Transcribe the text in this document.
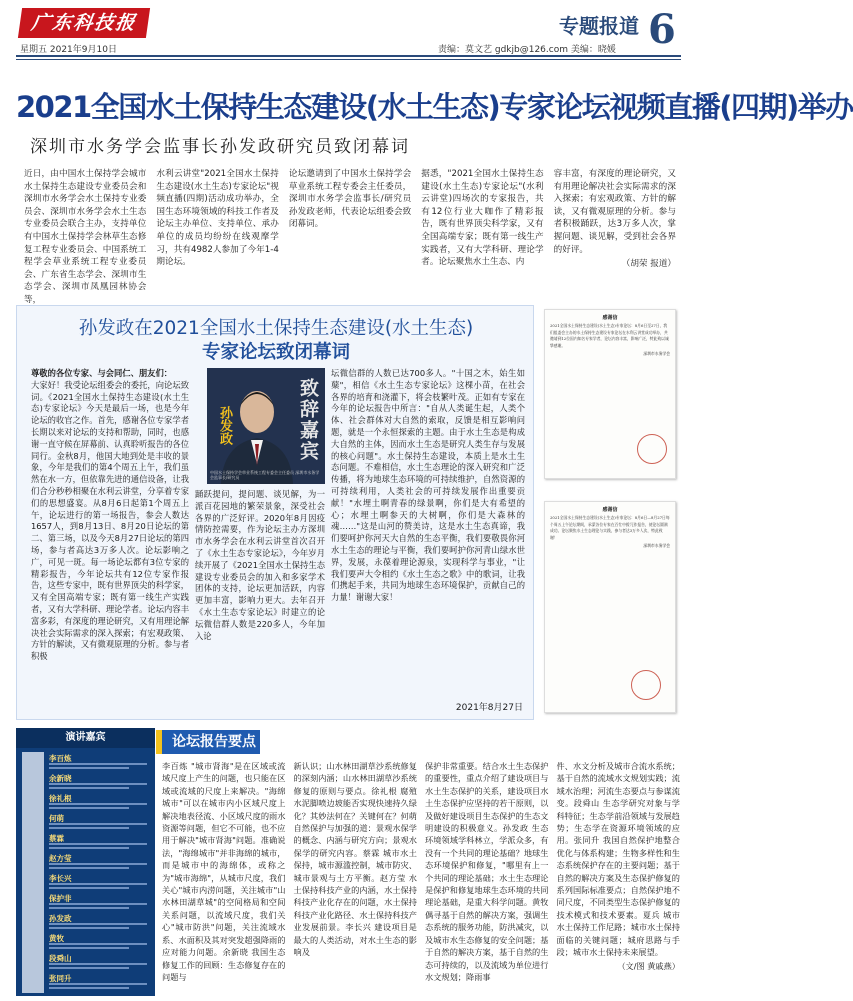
广东科技报
星期五 2021年9月10日
专题报道 6
责编：莫文艺 gdkjb@126.com 美编：晓媛
2021全国水土保持生态建设(水土生态)专家论坛视频直播(四期)举办
深圳市水务学会监事长孙发政研究员致闭幕词
近日，由中国水土保持学会城市水土保持生态建设专业委员会和深圳市水务学会水土保持专业委员会、深圳市水务学会水土生态专业委员会联合主办，支持单位有中国水土保持学会林草生态修复工程专业委员会、中国系统工程学会草业系统工程专业委员会、广东省生态学会、深圳市生态学会、深圳市凤凰园林协会等，
水利云讲堂"2021全国水土保持生态建设(水土生态)专家论坛"视频直播(四期)活动成功举办，全国生态环境领域的科技工作者及论坛主办单位、支持单位、承办单位的成员均纷纷在线观摩学习，共有4982人参加了今年1-4期论坛。
论坛邀请到了中国水土保持学会草业系统工程专委会主任委员，深圳市水务学会监事长/研究员孙发政老师，代表论坛组委会致闭幕词。
据悉，"2021全国水土保持生态建设(水土生态)专家论坛"(水利云讲堂)四场次的专家报告，共有12位行业大咖作了精彩报告，既有世界顶尖科学家，又有全国高端专家；既有第一线生产实践者，又有大学科研、理论学者。论坛聚焦水土生态、内
容丰富，有深度的理论研究，又有用理论解决社会实际需求的深入探索；有宏观政策、方针的解读，又有微观原理的分析。参与者积极踊跃，达3万多人次，掌握问题、谈见解，受到社会各界的好评。
（胡荣 报道）
孙发政在2021全国水土保持生态建设(水土生态)
专家论坛致闭幕词
尊敬的各位专家、与会同仁、朋友们：
大家好！我受论坛组委会的委托，向论坛致词。《2021全国水土保持生态建设(水土生态)专家论坛》今天是最后一场，也是今年论坛的收官之作。首先，感谢各位专家学者长期以来对论坛的支持和帮助，同时，也感谢一直守候在屏幕前、认真聆听报告的各位同行。金秋8月，他国大地到处是丰收的景象，今年是我们的第4个周五上午，我们虽然在水一方，但依靠先进的通信设备，让我们合分秒秒相聚在水利云讲堂，分享着专家们的思想盛宴。从8月6日起第1个周五上午，论坛进行的第一场报告，参会人数达1657人，到8月13日、8月20日论坛的第二、第三场，以及今天8月27日论坛的第四场，参与者高达3万多人次。论坛影响之广，可见一斑。每一场论坛都有3位专家的精彩报告，今年论坛共有12位专家作报告，这些专家中，既有世界顶尖的科学家，又有全国高端专家；既有第一线生产实践者，又有大学科研、理论学者。论坛内容丰富多彩，有深度的理论研究，又有用理论解决社会实际需求的深入探索；有宏观政策、方针的解读，又有微观原理的分析。参与者积极
致辞嘉宾
孙发政
中国水土保持学会草业系统工程专委会主任委员 深圳市水务学会监事长/研究员
踊跃提问，提问题、谈见解，为一派百花园地的繁荣景象，深受社会各界的广泛好评。2020年8月因疫情防控需要，作为论坛主办方深圳市水务学会在水利云讲堂首次召开了《水土生态专家论坛》，今年岁月续开展了《2021全国水土保持生态建设专业委员会的加入和多家学术团体的支持，论坛更加活跃，内容更加丰富，影响力更大。去年召开《水土生态专家论坛》时建立的论坛微信群人数是220多人，今年加入论
坛微信群的人数已达700多人。"十国之木，始生如蘖"，相信《水土生态专家论坛》这棵小苗，在社会各界的培育和浇灌下，将会枝繁叶茂。正如有专家在今年的论坛报告中所言："自从人类诞生起，人类个体、社会群体对大自然的索取，反馈是相互影响问题，就是一个永恒探索的主题。由于水土生态是构成大自然的主体，因而水土生态是研究人类生存与发展的核心问题"。水土保持生态建设，本质上是水土生态问题。不难相信，水土生态理论的深入研究和广泛传播，将为地球生态环境的可持续维护，自然资源的可持续利用，人类社会的可持续发展作出重要贡献！"水埋土啊青春的绿景啊，你们是大有希望的心；水埋土啊参天的大树啊，你们是大森林的魂……"这是山河的赞美诗，这是水土生态真谛，我们要呵护你河天大自然的生态平衡，我们要敬畏你河水土生态的理论与平衡，我们要呵护你河青山绿水世界，发展，永葆着理论源泉，实现科学与事业，"让我们要声大令相约《水土生态之歌》中的歌词，让我们携起手来，共同为地球生态环境保护，贡献自己的力量！谢谢大家！
2021年8月27日
感谢信
2021全国水土保持生态建设(水土生态)专家论坛：8月6日至27日，我们组委会主办的水土保持生态建设专家论坛在水利云讲堂成功举办，共邀请到12位国内知名专家学者，论坛内容丰富，影响广泛，特此致以诚挚感谢。
深圳市水务学会
感谢信
2021全国水土保持生态建设(水土生态)专家论坛：8月6日—8月27日每个周五上午论坛期间，承蒙各位专家在百忙中拨冗作报告，使论坛圆满成功。论坛聚焦水土生态理论与实践，参与者达3万多人次，特此致谢！
深圳市水务学会
演讲嘉宾
李百炼
余新晓
徐礼根
何萌
蔡霖
赵方莹
李长兴
保护非
孙发政
黄牧
段舜山
张同升
论坛报告要点
李百炼 "城市肾海"是在区域或流域尺度上产生的问题，也只能在区域或流域的尺度上来解决。"海绵城市"可以在城市内小区域尺度上解决地表径流、小区域尺度的雨水资源等问题，但它不可能，也不应用于解决"城市肾海"问题。准确说法，"海绵城市"并非海绵的城市，而是城市中的海绵体，或称之为"城市海绵"，从城市尺度，我们关心"城市内涝问题，关注城市"山水林田湖草城"的空间格局和空间关系问题，以流域尺度，我们关心"城市防洪"问题，关注流域水系、水面积及其对突发超强降雨的应对能力问题。余新晓 我国生态修复工作的回顾：生态修复存在的问题与
新认识；山水林田湖草沙系统修复的深刻内涵；山水林田湖草沙系统修复的原则与要点。徐礼根 腐殖水泥脚喷边坡能否实现快速持久绿化？其妙法何在？关键何在？何萌 自然保护与加强的道：景观水保学的概念、内涵与研究方向；景观水保学的研究内容。蔡霖 城市水土保持，城市源滥控制，城市防灾、城市景观与土方平衡。赵方莹 水土保持科技产业的内涵，水土保持科技产业化存在的问题，水土保持科技产业化路径、水土保持科技产业发展前景。李长兴 建设项目是最大的人类活动，对水土生态的影响及
保护非常重要。结合水土生态保护的重要性，重点介绍了建设项目与水土生态保护的关系，建设项目水土生态保护应坚持的若干原则，以及做好建设项目生态保护的生态文明建设的积极意义。孙发政 生态环境领域学科林立，学派众多，有没有一个共同的理论基础？地球生态环境保护和修复，"哪里有上一个共同的理论基础；水土生态理论是保护和修复地球生态环境的共同理论基础，是重大科学问题。黄牧 偶寻基于自然的解决方案，强调生态系统的服务功能，防洪减灾，以及城市水生态修复的安全问题；基于自然的解决方案，基于自然的生态可持续的，以及流域为单位进行水文规划；降雨事
件、水文分析及城市合流水系统；基于自然的流域水文规划实践；流域水治理；河流生态要点与参谋流变。段舜山 生态学研究对象与学科特征；生态学前沿领域与发展趋势；生态学在资源环境领域的应用。张同升 我国自然保护地整合优化与体系构建；生物多样性和生态系统保护存在的主要问题；基于自然的解决方案及生态保护修复的系列国际标准要点；自然保护地不同尺度，不同类型生态保护修复的技术模式和技术要素。夏兵 城市水土保持工作尼路；城市水土保持面临的关键问题；城府思路与手段；城市水土保持未来展望。
（文/图 黄戚燕）
